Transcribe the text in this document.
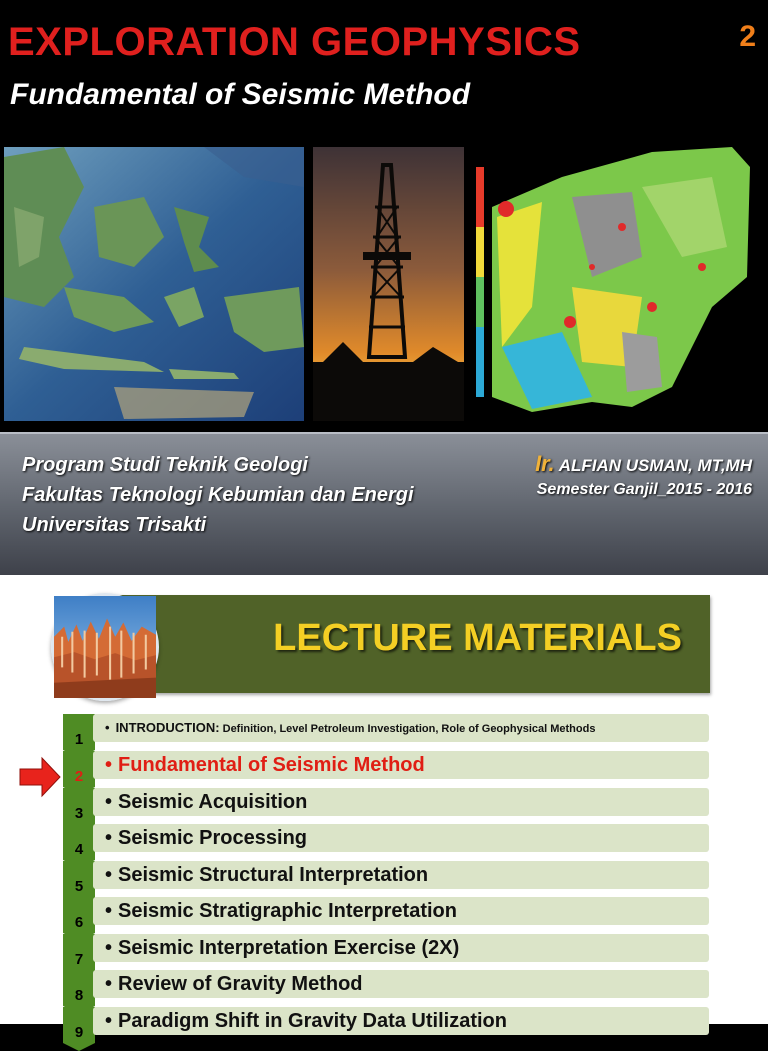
EXPLORATION GEOPHYSICS	2
Fundamental of Seismic Method
Program Studi Teknik Geologi
Fakultas Teknologi Kebumian dan Energi
Universitas Trisakti
Ir. ALFIAN USMAN, MT,MH
Semester Ganjil_2015 - 2016
LECTURE MATERIALS
1
• INTRODUCTION: Definition, Level Petroleum Investigation, Role of Geophysical Methods
2
• Fundamental of Seismic Method
3
• Seismic Acquisition
4
• Seismic Processing
5
• Seismic Structural Interpretation
6
• Seismic Stratigraphic Interpretation
7
• Seismic Interpretation Exercise (2X)
8
• Review of Gravity Method
9
• Paradigm Shift in Gravity Data Utilization
